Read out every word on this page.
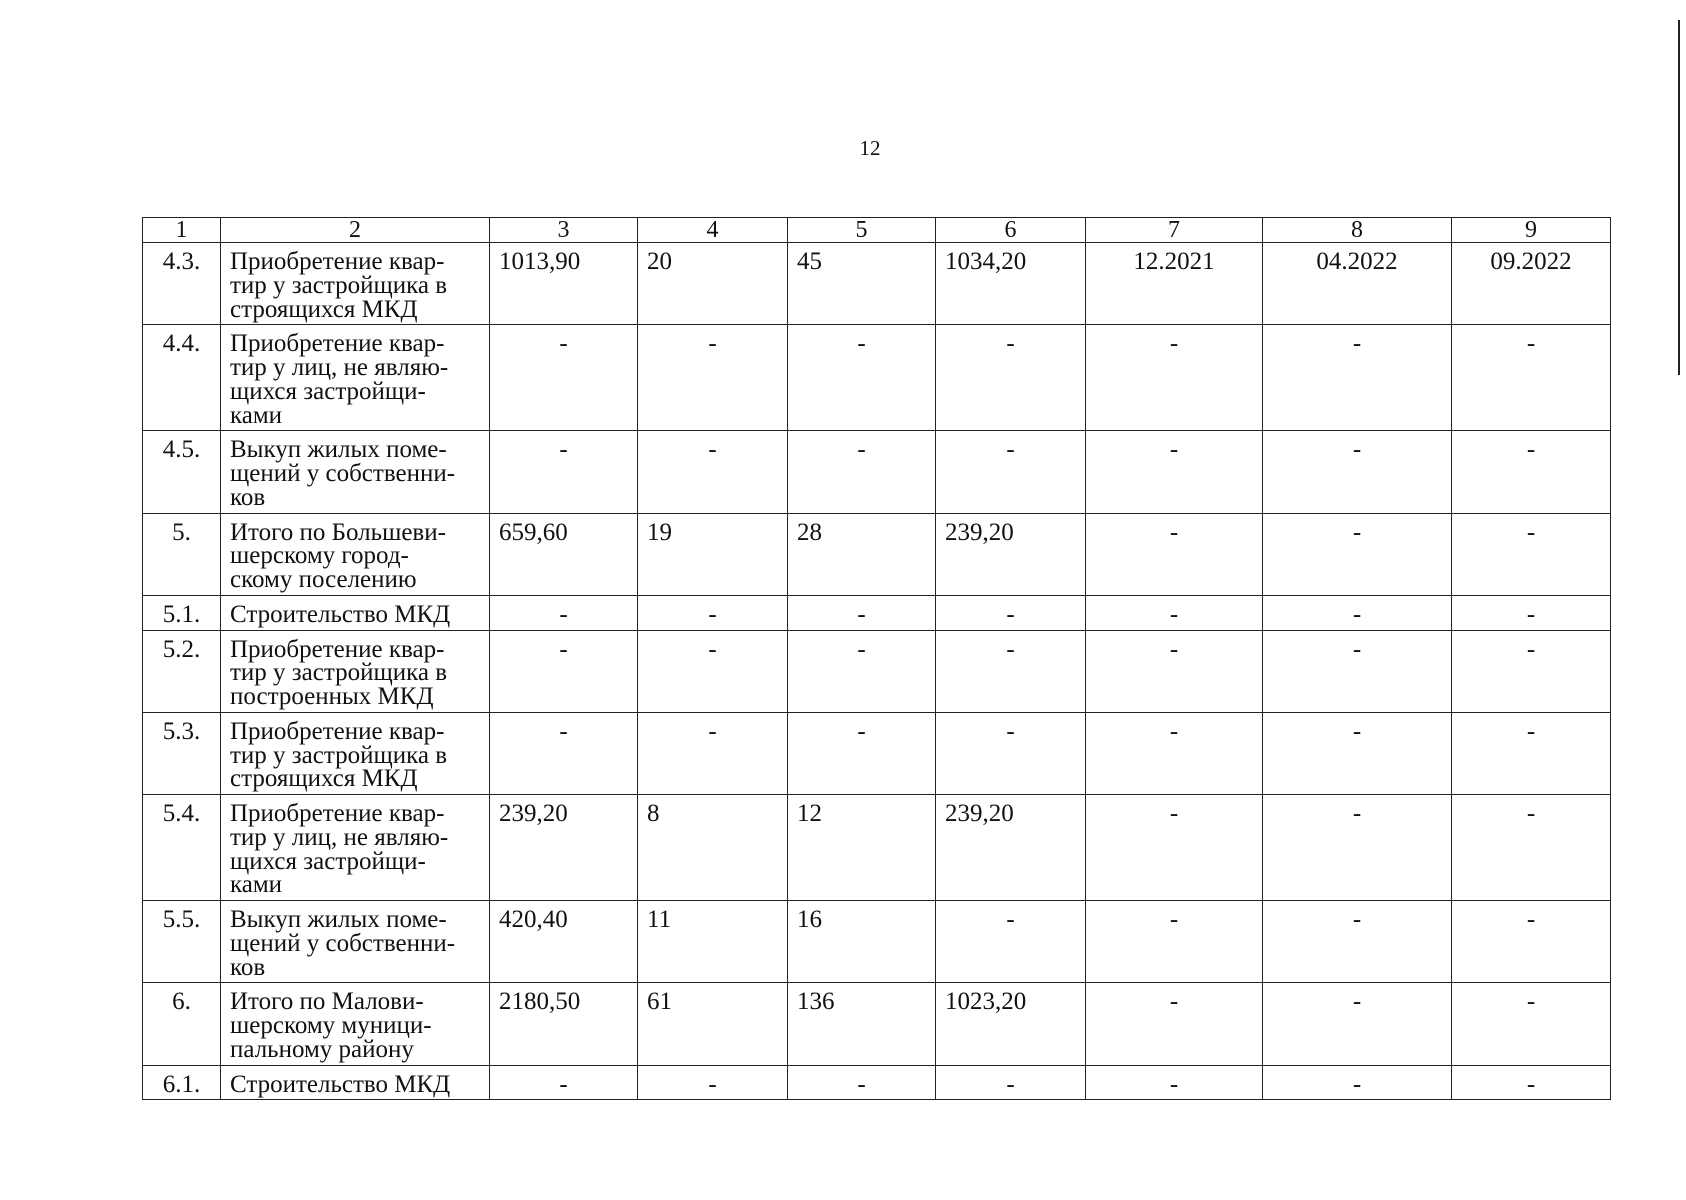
12
1	2	3	4	5	6	7	8	9
4.3.	Приобретение квар-
тир у застройщика в
строящихся МКД	1013,90	20	45	1034,20	12.2021	04.2022	09.2022
4.4.	Приобретение квар-
тир у лиц, не являю-
щихся застройщи-
ками	-	-	-	-	-	-	-
4.5.	Выкуп жилых поме-
щений у собственни-
ков	-	-	-	-	-	-	-
5.	Итого по Большеви-
шерскому город-
скому поселению	659,60	19	28	239,20	-	-	-
5.1.	Строительство МКД	-	-	-	-	-	-	-
5.2.	Приобретение квар-
тир у застройщика в
построенных МКД	-	-	-	-	-	-	-
5.3.	Приобретение квар-
тир у застройщика в
строящихся МКД	-	-	-	-	-	-	-
5.4.	Приобретение квар-
тир у лиц, не являю-
щихся застройщи-
ками	239,20	8	12	239,20	-	-	-
5.5.	Выкуп жилых поме-
щений у собственни-
ков	420,40	11	16	-	-	-	-
6.	Итого по Малови-
шерскому муници-
пальному району	2180,50	61	136	1023,20	-	-	-
6.1.	Строительство МКД	-	-	-	-	-	-	-
